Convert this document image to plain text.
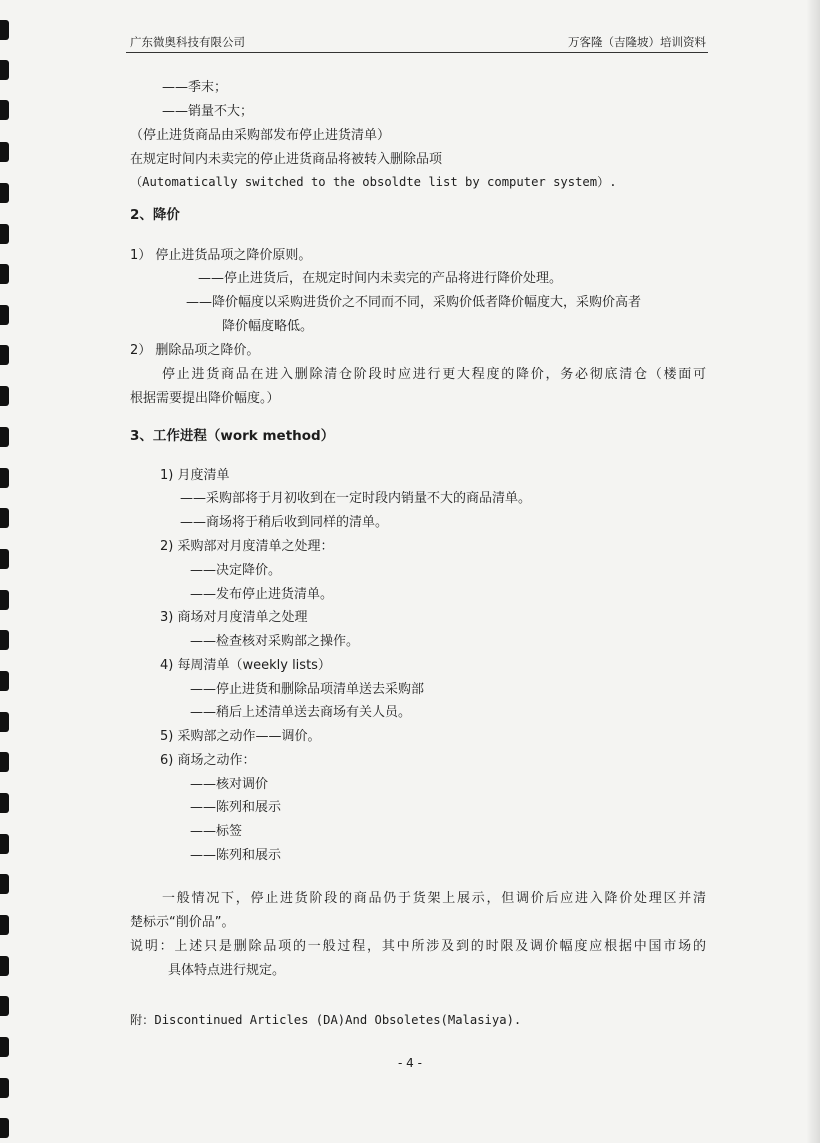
广东微奥科技有限公司	万客隆（吉隆坡）培训资料
——季末；
——销量不大；
（停止进货商品由采购部发布停止进货清单）
在规定时间内未卖完的停止进货商品将被转入删除品项
（Automatically switched to the obsoldte list by computer system）.
2、降价
1） 停止进货品项之降价原则。
——停止进货后，在规定时间内未卖完的产品将进行降价处理。
——降价幅度以采购进货价之不同而不同，采购价低者降价幅度大，采购价高者
降价幅度略低。
2） 删除品项之降价。
停止进货商品在进入删除清仓阶段时应进行更大程度的降价，务必彻底清仓（楼面可
根据需要提出降价幅度。）
3、工作进程（work method）
1) 月度清单
——采购部将于月初收到在一定时段内销量不大的商品清单。
——商场将于稍后收到同样的清单。
2) 采购部对月度清单之处理：
——决定降价。
——发布停止进货清单。
3) 商场对月度清单之处理
——检查核对采购部之操作。
4) 每周清单（weekly lists）
——停止进货和删除品项清单送去采购部
——稍后上述清单送去商场有关人员。
5) 采购部之动作——调价。
6) 商场之动作：
——核对调价
——陈列和展示
——标签
——陈列和展示
一般情况下，停止进货阶段的商品仍于货架上展示，但调价后应进入降价处理区并清
楚标示“削价品”。
说明：上述只是删除品项的一般过程，其中所涉及到的时限及调价幅度应根据中国市场的
具体特点进行规定。
附：Discontinued Articles (DA)And Obsoletes(Malasiya).
- 4 -
